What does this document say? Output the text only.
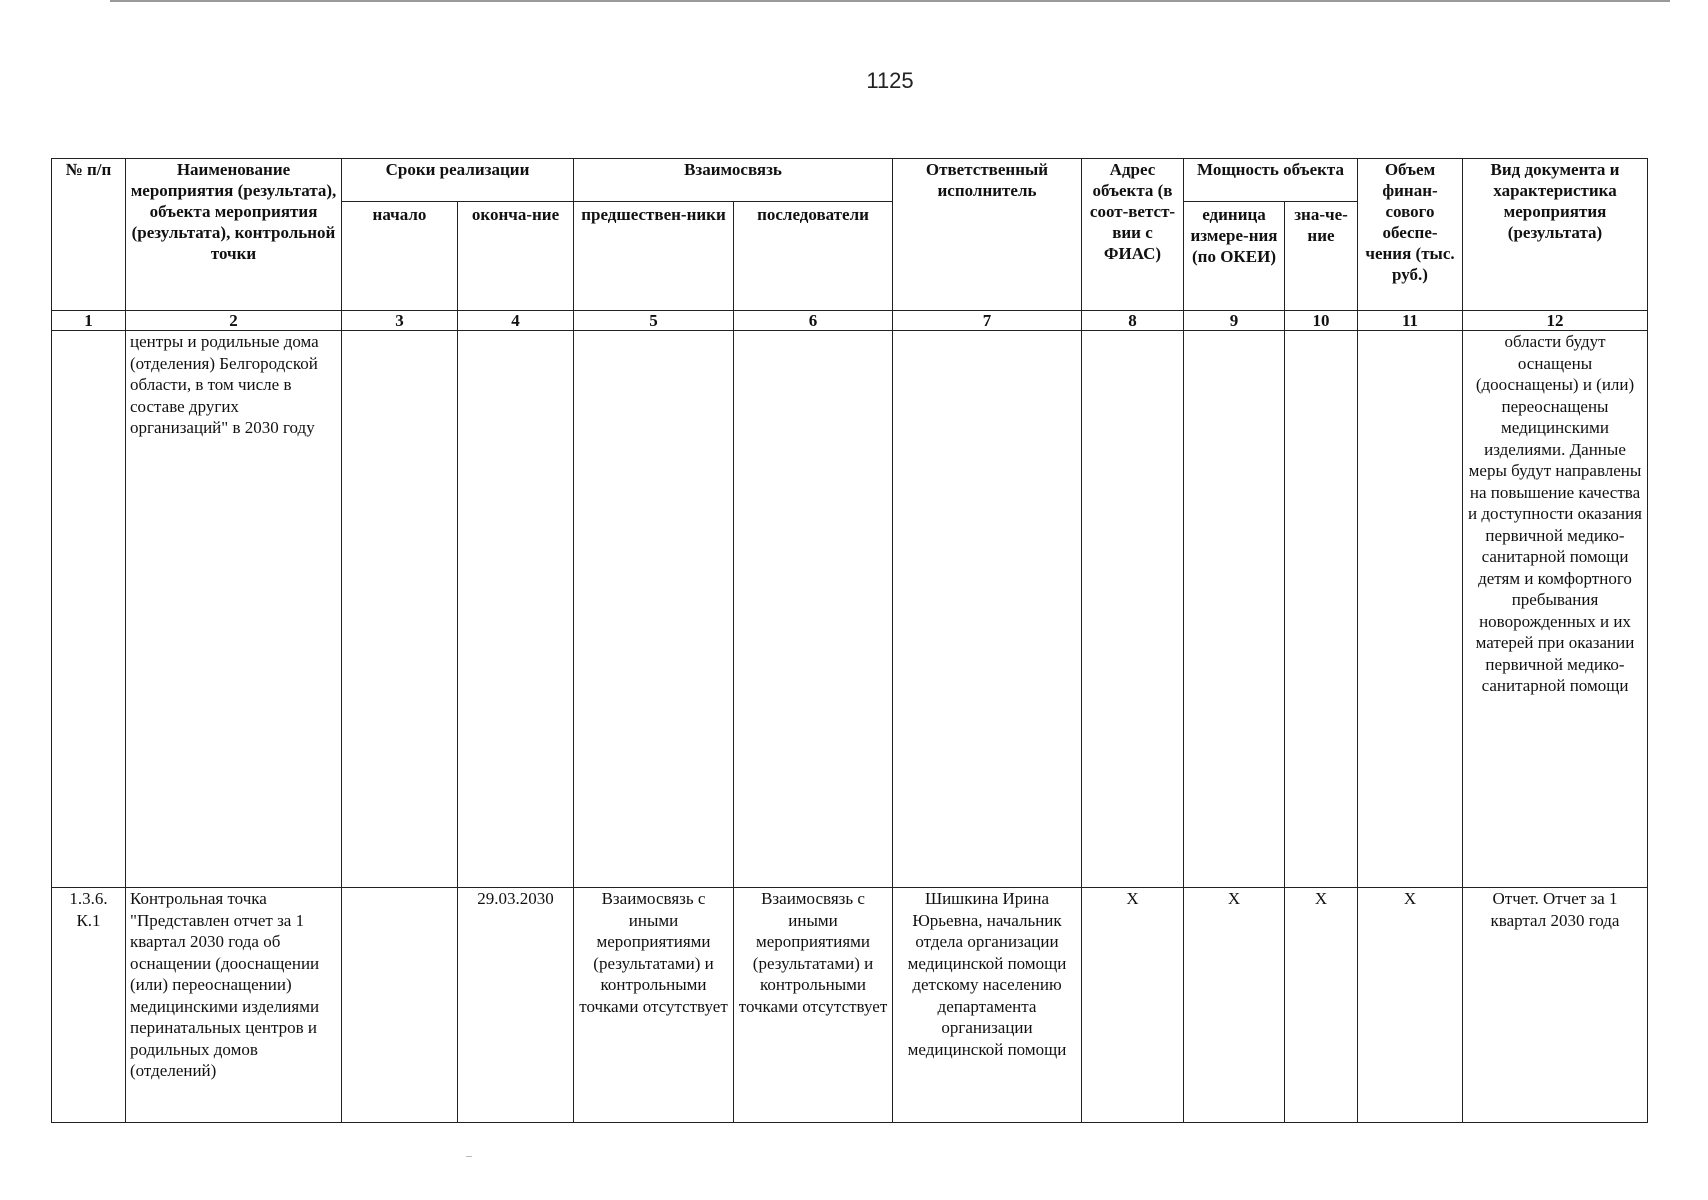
1125
№ п/п	Наименование мероприятия (результата), объекта мероприятия (результата), контрольной точки	Сроки реализации		Взаимосвязь		Ответственный исполнитель	Адрес объекта (в соот-ветст-вии с ФИАС)	Мощность объекта		Объем финан-сового обеспе-чения (тыс. руб.)	Вид документа и характеристика мероприятия (результата)
		начало	оконча-ние	предшествен-ники	последователи			единица измере-ния (по ОКЕИ)	зна-че-ние		
1	2	3	4	5	6	7	8	9	10	11	12
	центры и родильные дома (отделения) Белгородской области, в том числе в составе других организаций" в 2030 году										области будут оснащены (дооснащены) и (или) переоснащены медицинскими изделиями. Данные меры будут направлены на повышение качества и доступности оказания первичной медико-санитарной помощи детям и комфортного пребывания новорожденных и их матерей при оказании первичной медико-санитарной помощи
1.3.6. К.1	Контрольная точка "Представлен отчет за 1 квартал 2030 года об оснащении (дооснащении (или) переоснащении) медицинскими изделиями перинатальных центров и родильных домов (отделений)		29.03.2030	Взаимосвязь с иными мероприятиями (результатами) и контрольными точками отсутствует	Взаимосвязь с иными мероприятиями (результатами) и контрольными точками отсутствует	Шишкина Ирина Юрьевна, начальник отдела организации медицинской помощи детскому населению департамента организации медицинской помощи	Х	Х	Х	Х	Отчет. Отчет за 1 квартал 2030 года
